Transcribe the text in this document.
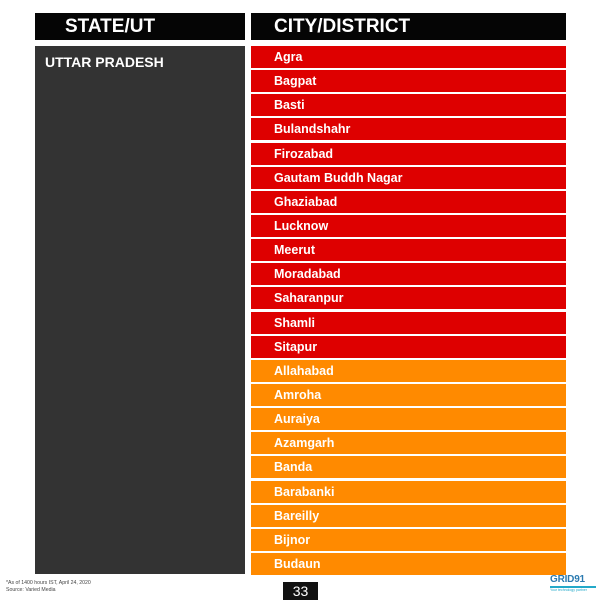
STATE/UT	CITY/DISTRICT
UTTAR PRADESH	Agra
Bagpat
Basti
Bulandshahr
Firozabad
Gautam Buddh Nagar
Ghaziabad
Lucknow
Meerut
Moradabad
Saharanpur
Shamli
Sitapur
Allahabad
Amroha
Auraiya
Azamgarh
Banda
Barabanki
Bareilly
Bijnor
Budaun
*As of 1400 hours IST, April 24, 2020
Source: Varied Media	33
GRID91
Your technology partner
